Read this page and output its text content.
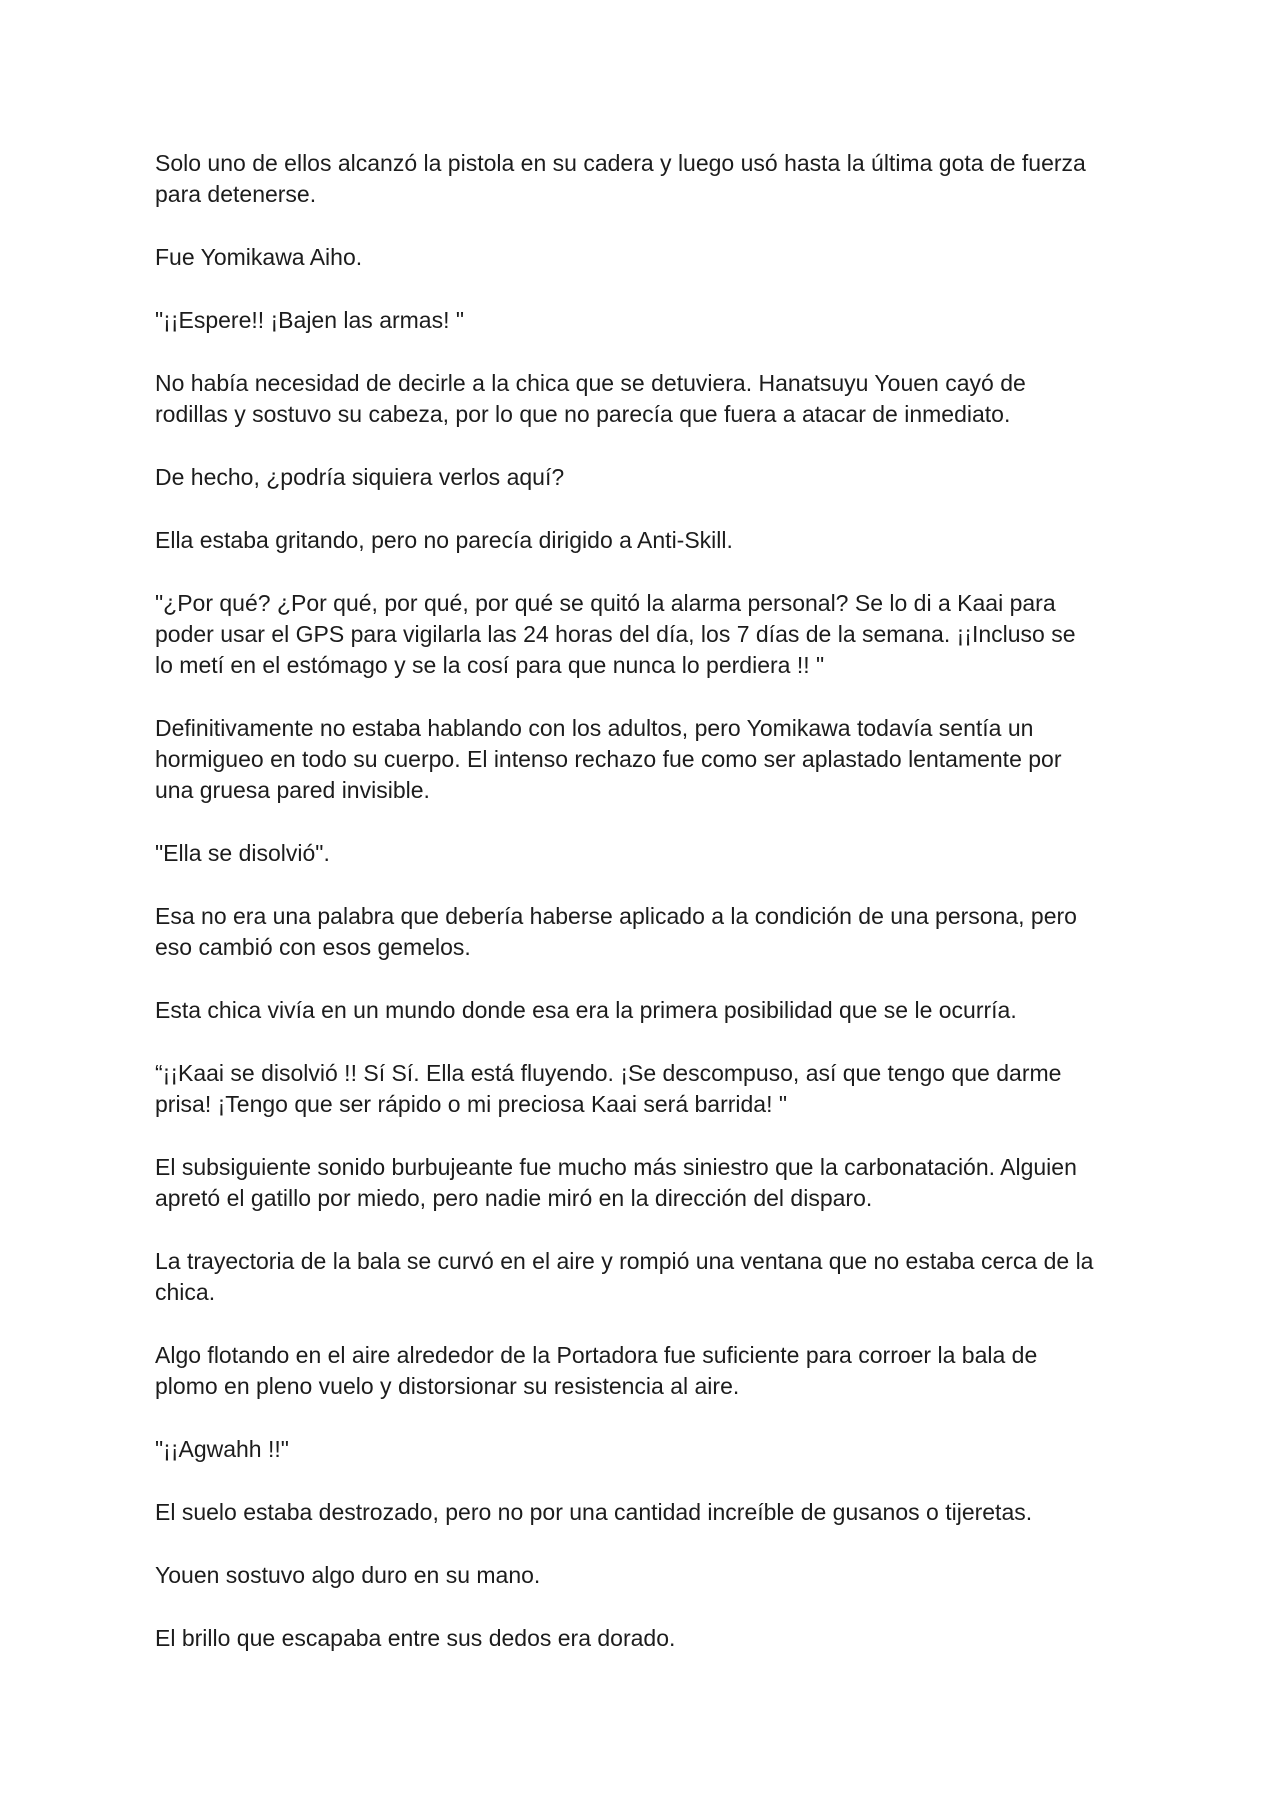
Solo uno de ellos alcanzó la pistola en su cadera y luego usó hasta la última gota de fuerza
para detenerse.

Fue Yomikawa Aiho.

"¡¡Espere!! ¡Bajen las armas! "

No había necesidad de decirle a la chica que se detuviera. Hanatsuyu Youen cayó de
rodillas y sostuvo su cabeza, por lo que no parecía que fuera a atacar de inmediato.

De hecho, ¿podría siquiera verlos aquí?

Ella estaba gritando, pero no parecía dirigido a Anti-Skill.

"¿Por qué? ¿Por qué, por qué, por qué se quitó la alarma personal? Se lo di a Kaai para
poder usar el GPS para vigilarla las 24 horas del día, los 7 días de la semana. ¡¡Incluso se
lo metí en el estómago y se la cosí para que nunca lo perdiera !! "

Definitivamente no estaba hablando con los adultos, pero Yomikawa todavía sentía un
hormigueo en todo su cuerpo. El intenso rechazo fue como ser aplastado lentamente por
una gruesa pared invisible.

"Ella se disolvió".

Esa no era una palabra que debería haberse aplicado a la condición de una persona, pero
eso cambió con esos gemelos.

Esta chica vivía en un mundo donde esa era la primera posibilidad que se le ocurría.

“¡¡Kaai se disolvió !! Sí Sí. Ella está fluyendo. ¡Se descompuso, así que tengo que darme
prisa! ¡Tengo que ser rápido o mi preciosa Kaai será barrida! "

El subsiguiente sonido burbujeante fue mucho más siniestro que la carbonatación. Alguien
apretó el gatillo por miedo, pero nadie miró en la dirección del disparo.

La trayectoria de la bala se curvó en el aire y rompió una ventana que no estaba cerca de la
chica.

Algo flotando en el aire alrededor de la Portadora fue suficiente para corroer la bala de
plomo en pleno vuelo y distorsionar su resistencia al aire.

"¡¡Agwahh !!"

El suelo estaba destrozado, pero no por una cantidad increíble de gusanos o tijeretas.

Youen sostuvo algo duro en su mano.

El brillo que escapaba entre sus dedos era dorado.
